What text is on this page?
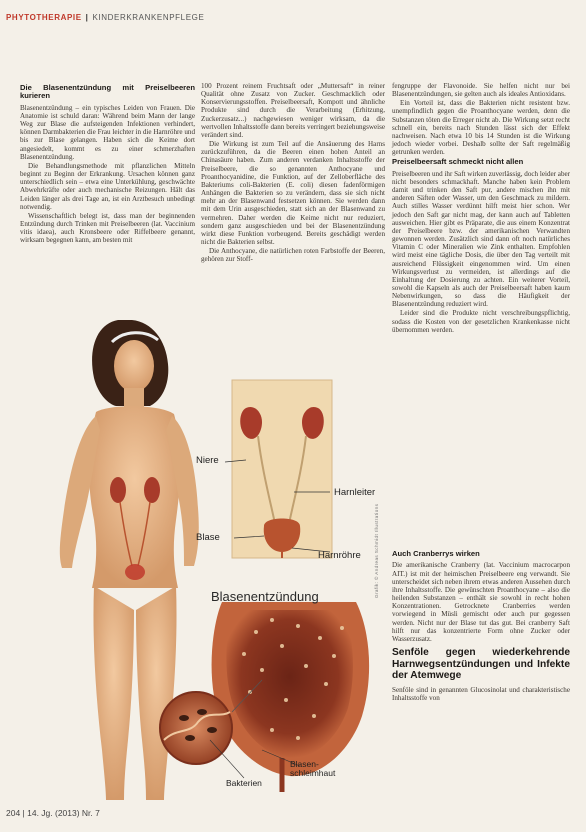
PHYTOTHERAPIE | KINDERKRANKENPFLEGE
Die Blasenentzündung mit Preiselbeeren kurieren

Blasenentzündung – ein typisches Leiden von Frauen. Die Anatomie ist schuld daran: Während beim Mann der lange Weg zur Blase die aufsteigenden Infektionen verhindert, können Darmbakterien die Frau leichter in die Harnröhre und bis zur Blase gelangen. Haben sich die Keime dort angesiedelt, kommt es zu einer schmerzhaften Blasenentzündung.

Die Behandlungsmethode mit pflanzlichen Mitteln beginnt zu Beginn der Erkrankung. Ursachen können ganz unterschiedlich sein – etwa eine Unterkühlung, geschwächte Abwehrkräfte oder auch mechanische Reizungen. Hält das Leiden länger als drei Tage an, ist ein Arztbesuch unbedingt notwendig.

Wissenschaftlich belegt ist, dass man der beginnenden Entzündung durch Trinken mit Preiselbeeren (lat. Vaccinium vitis idaea), auch Kronsbeere oder Riffelbeere genannt, wirksam begegnen kann, am besten mit

100 Prozent reinem Fruchtsaft oder „Muttersaft“ in reiner Qualität ohne Zusatz von Zucker. Geschmacklich oder Konservierungsstoffen. Preiselbeersaft, Kompott und ähnliche Produkte sind durch die Verarbeitung (Erhitzung, Zuckerzusatz...) nachgewiesen weniger wirksam, da die wertvollen Inhaltsstoffe dann bereits verringert beziehungsweise verändert sind.

Die Wirkung ist zum Teil auf die Ansäuerung des Harns zurückzuführen, da die Beeren einen hohen Anteil an Chinasäure haben. Zum anderen verdanken Inhaltsstoffe der Preiselbeere, die so genannten Anthocyane und Proanthocyanidine, die Funktion, auf der Zelloberfläche des Bakteriums coli-Bakterien (E. coli) diesen fadenförmigen Anhängen die Bakterien so zu verändern, dass sie sich nicht mehr an der Blasenwand festsetzen können. Sie werden dann mit dem Urin ausgeschieden, statt sich an der Blasenwand zu vermehren. Daher werden die Keime nicht nur reduziert, sondern ganz ausgeschieden und bei der Blasenentzündung wirkt diese Funktion vorbeugend. Bereits geschädigt werden nicht die Bakterien selbst.

Die Anthocyane, die natürlichen roten Farbstoffe der Beeren, gehören zur Stoff-

fengruppe der Flavonoide. Sie helfen nicht nur bei Blasenentzündungen, sie gelten auch als ideales Antioxidans.

Ein Vorteil ist, dass die Bakterien nicht resistent bzw. unempfindlich gegen die Proanthocyane werden, denn die Substanzen töten die Erreger nicht ab. Die Wirkung setzt recht schnell ein, bereits nach Stunden lässt sich der Effekt nachweisen. Nach etwa 10 bis 14 Stunden ist die Wirkung jedoch wieder vorbei. Deshalb sollte der Saft regelmäßig getrunken werden.

Preiselbeersaft schmeckt nicht allen

Preiselbeeren und ihr Saft wirken zuverlässig, doch leider aber nicht besonders schmackhaft. Manche haben kein Problem damit und trinken den Saft pur, andere mischen ihn mit anderen Säften oder Wasser, um den Geschmack zu mildern. Auch stilles Wasser verdünnt hilft meist hier schon. Wer jedoch den Saft gar nicht mag, der kann auch auf Tabletten ausweichen. Hier gibt es Präparate, die aus einem Konzentrat der Preiselbeere bzw. der amerikanischen Verwandten gewonnen werden. Zusätzlich sind dann oft noch natürliches Vitamin C oder Mineralien wie Zink enthalten. Empfohlen wird meist eine tägliche Dosis, die über den Tag verteilt mit ausreichend Flüssigkeit eingenommen wird. Um einen Wirkungsverlust zu vermeiden, ist allerdings auf die Einhaltung der Dosierung zu achten. Ein weiterer Vorteil, sowohl die Kapseln als auch der Preiselbeersaft haben kaum Nebenwirkungen, so dass die Häufigkeit der Blasenentzündung reduziert wird.

Leider sind die Produkte nicht verschreibungspflichtig, sodass die Kosten von der gesetzlichen Krankenkasse nicht übernommen werden.

Auch Cranberrys wirken

Die amerikanische Cranberry (lat. Vaccinium macrocarpon AIT.) ist mit der heimischen Preiselbeere eng verwandt. Sie unterscheidet sich neben ihrem etwas anderen Aussehen durch ihre Inhaltsstoffe. Die gewünschten Proanthocyane – also die heilenden Substanzen – enthält sie sowohl in recht hohen Konzentrationen. Getrocknete Cranberries werden vorwiegend in Müsli gemischt oder auch pur gegessen werden. Nicht nur der Blase tut das gut. Bei cranberry Saft hilft nur das konzentrierte Form ohne Zucker oder Wasserzusatz.

Senföle gegen wiederkehrende Harnwegsentzündungen und Infekte der Atemwege

Senföle sind in genannten Glucosinolat und charakteristische Inhaltsstoffe von

Niere
Harnleiter
Blase
Harnröhre
Blasenentzündung
Bakterien
Blasen-
schleimhaut
Grafik: © Andreas Schmidt Illustrations
204 | 14. Jg. (2013) Nr. 7
